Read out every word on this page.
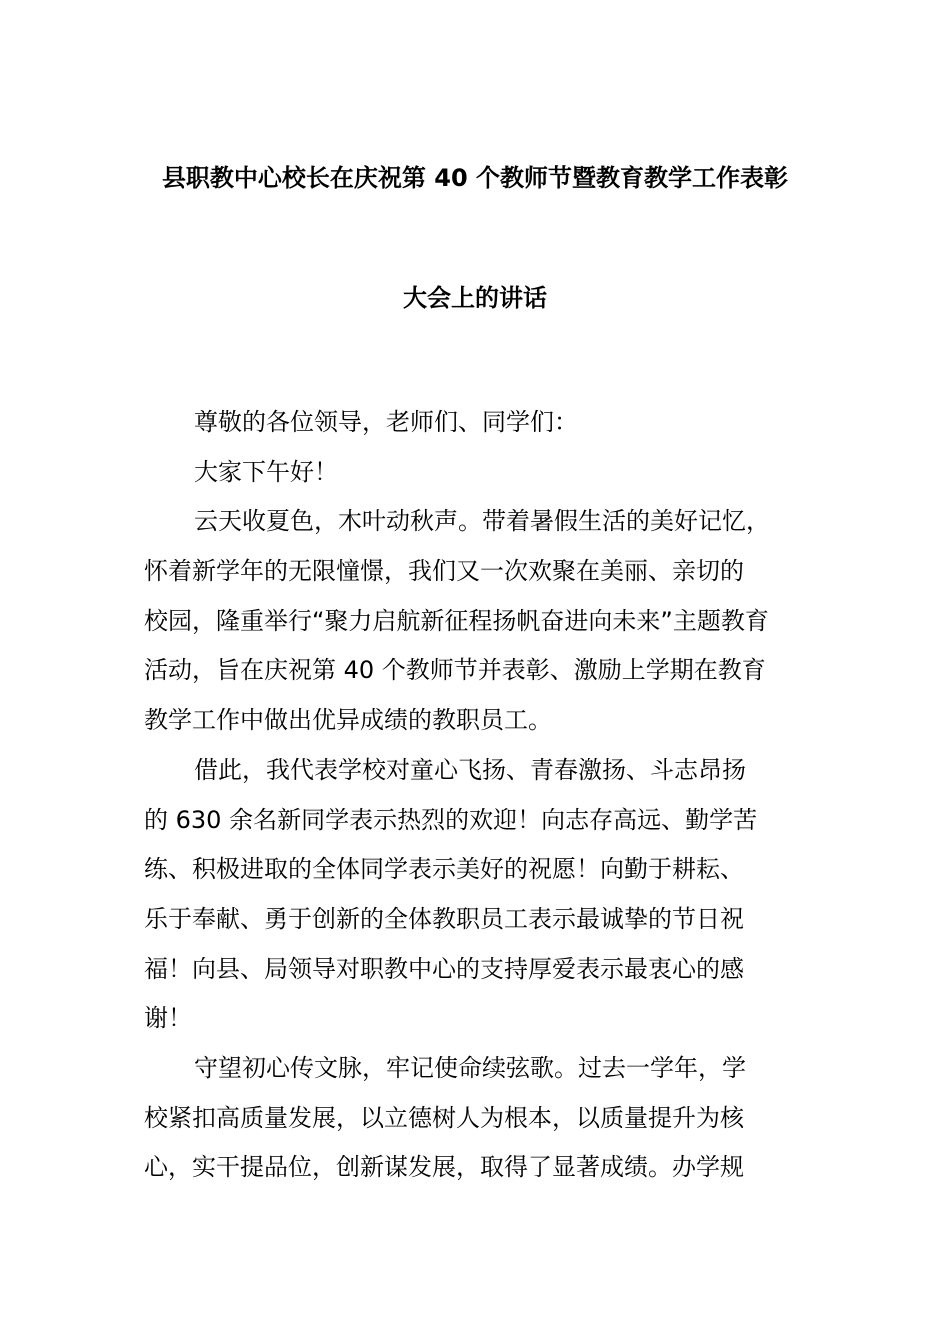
县职教中心校长在庆祝第 40 个教师节暨教育教学工作表彰
大会上的讲话
尊敬的各位领导，老师们、同学们：
大家下午好！
云天收夏色，木叶动秋声。带着暑假生活的美好记忆，
怀着新学年的无限憧憬，我们又一次欢聚在美丽、亲切的
校园，隆重举行“聚力启航新征程扬帆奋进向未来”主题教育
活动，旨在庆祝第 40 个教师节并表彰、激励上学期在教育
教学工作中做出优异成绩的教职员工。
借此，我代表学校对童心飞扬、青春激扬、斗志昂扬
的 630 余名新同学表示热烈的欢迎！向志存高远、勤学苦
练、积极进取的全体同学表示美好的祝愿！向勤于耕耘、
乐于奉献、勇于创新的全体教职员工表示最诚挚的节日祝
福！向县、局领导对职教中心的支持厚爱表示最衷心的感
谢！
守望初心传文脉，牢记使命续弦歌。过去一学年，学
校紧扣高质量发展，以立德树人为根本，以质量提升为核
心，实干提品位，创新谋发展，取得了显著成绩。办学规
